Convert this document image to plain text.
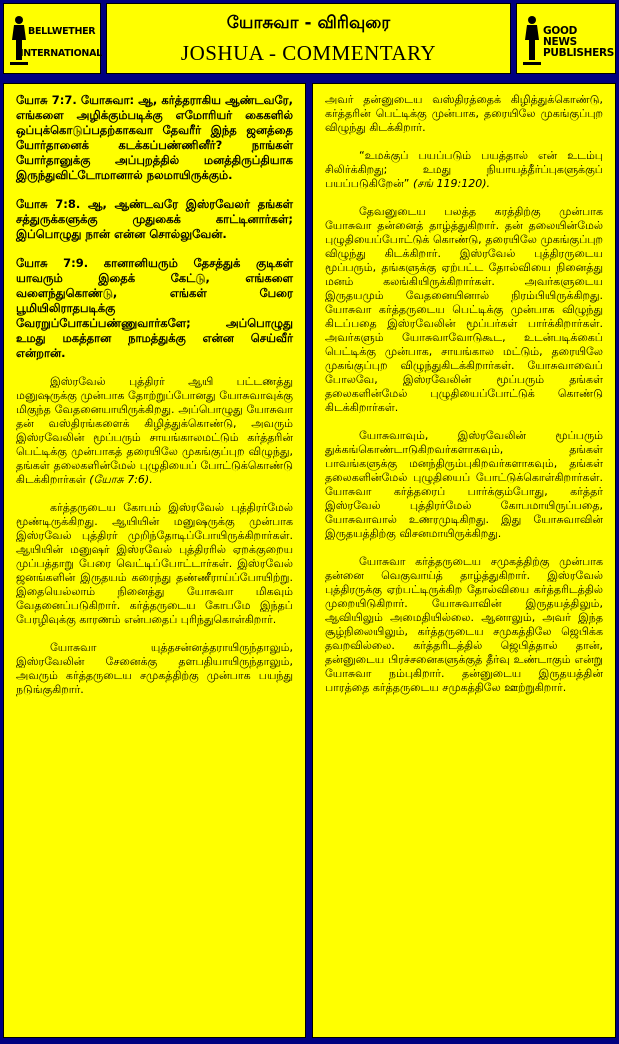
BELLWETHER
INTERNATIONAL
யோசுவா - விரிவுரை
JOSHUA - COMMENTARY
GOOD NEWS
PUBLISHERS

யோசு 7:7. யோசுவா: ஆ, கர்த்தராகிய ஆண்டவரே, எங்களை அழிக்கும்படிக்கு எமோரியர் கைகளில் ஒப்புக்கொடுப்பதற்காகவா தேவரீர் இந்த ஜனத்தை யோர்தானைக் கடக்கப்பண்ணினீர்? நாங்கள் யோர்தானுக்கு அப்புறத்தில் மனத்திருப்தியாக இருந்துவிட்டோமானால் நலமாயிருக்கும்.

யோசு 7:8. ஆ, ஆண்டவரே இஸ்ரவேலர் தங்கள் சத்துருக்களுக்கு முதுகைக் காட்டினார்கள்; இப்பொழுது நான் என்ன சொல்லுவேன்.

யோசு 7:9. கானானியரும் தேசத்துக் குடிகள் யாவரும் இதைக் கேட்டு, எங்களை வளைந்துகொண்டு, எங்கள் பேரை பூமியிலிராதபடிக்கு வேரறுப்போகப்பண்ணுவார்களே; அப்பொழுது உமது மகத்தான நாமத்துக்கு என்ன செய்வீர் என்றான்.

இஸ்ரவேல் புத்திரர் ஆயி பட்டணத்து மனுஷருக்கு முன்பாக தோற்றுப்போனது யோசுவாவுக்கு மிகுந்த வேதனையாயிருக்கிறது. அப்பொழுது யோசுவா தன் வஸ்திரங்களைக் கிழித்துக்கொண்டு, அவரும் இஸ்ரவேலின் மூப்பரும் சாயங்காலமட்டும் கர்த்தரின் பெட்டிக்கு முன்பாகத் தரையிலே முகங்குப்புற விழுந்து, தங்கள் தலைகளின்மேல் புழுதியைப் போட்டுக்கொண்டு கிடக்கிறார்கள் (யோசு 7:6).

கர்த்தருடைய கோபம் இஸ்ரவேல் புத்திரர்மேல் மூண்டிருக்கிறது. ஆயியின் மனுஷருக்கு முன்பாக இஸ்ரவேல் புத்திரர் முறிந்தோடிப்போயிருக்கிறார்கள். ஆயியின் மனுஷர் இஸ்ரவேல் புத்திரரில் ஏறக்குறைய முப்பத்தாறு பேரை வெட்டிப்போட்டார்கள். இஸ்ரவேல் ஜனங்களின் இருதயம் கரைந்து தண்ணீராய்ப்போயிற்று. இதையெல்லாம் நினைத்து யோசுவா மிகவும் வேதனைப்படுகிறார். கர்த்தருடைய கோபமே இந்தப் பேரழிவுக்கு காரணம் என்பதைப் புரிந்துகொள்கிறார்.

யோசுவா யுத்தசன்னத்தராயிருந்தாலும், இஸ்ரவேலின் சேனைக்கு தளபதியாயிருந்தாலும், அவரும் கர்த்தருடைய சமுகத்திற்கு முன்பாக பயந்து நடுங்குகிறார்.

அவர் தன்னுடைய வஸ்திரத்தைக் கிழித்துக்கொண்டு, கர்த்தரின் பெட்டிக்கு முன்பாக, தரையிலே முகங்குப்புற விழுந்து கிடக்கிறார்.

“உமக்குப் பயப்படும் பயத்தால் என் உடம்பு சிலிர்க்கிறது; உமது நியாயத்தீர்ப்புகளுக்குப் பயப்படுகிறேன்” (சங் 119:120).

தேவனுடைய பலத்த கரத்திற்கு முன்பாக யோசுவா தன்னைத் தாழ்த்துகிறார். தன் தலையின்மேல் புழுதியைப்போட்டுக் கொண்டு, தரையிலே முகங்குப்புற விழுந்து கிடக்கிறார். இஸ்ரவேல் புத்திரருடைய மூப்பரும், தங்களுக்கு ஏற்பட்ட தோல்வியை நினைத்து மனம் கலங்கியிருக்கிறார்கள். அவர்களுடைய இருதயமும் வேதனையினால் நிரம்பியிருக்கிறது. யோசுவா கர்த்தருடைய பெட்டிக்கு முன்பாக விழுந்து கிடப்பதை இஸ்ரவேலின் மூப்பர்கள் பார்க்கிறார்கள். அவர்களும் யோசுவாவோடுகூட, உடன்படிக்கைப் பெட்டிக்கு முன்பாக, சாயங்கால மட்டும், தரையிலே முகங்குப்புற விழுந்துகிடக்கிறார்கள். யோசுவாவைப் போலவே, இஸ்ரவேலின் மூப்பரும் தங்கள் தலைகளின்மேல் புழுதியைப்போட்டுக் கொண்டு கிடக்கிறார்கள்.

யோசுவாவும், இஸ்ரவேலின் மூப்பரும் துக்கங்கொண்டாடுகிறவர்களாகவும், தங்கள் பாவங்களுக்கு மனந்திரும்புகிறவர்களாகவும், தங்கள் தலைகளின்மேல் புழுதியைப் போட்டுக்கொள்கிறார்கள். யோசுவா கர்த்தரைப் பார்க்கும்போது, கர்த்தர் இஸ்ரவேல் புத்திரர்மேல் கோபமாயிருப்பதை, யோசுவாவால் உணரமுடிகிறது. இது யோசுவாவின் இருதயத்திற்கு விசனமாயிருக்கிறது.

யோசுவா கர்த்தருடைய சமுகத்திற்கு முன்பாக தன்னை வெகுவாய்த் தாழ்த்துகிறார். இஸ்ரவேல் புத்திரருக்கு ஏற்பட்டிருக்கிற தோல்வியை கர்த்தரிடத்தில் முறையிடுகிறார். யோசுவாவின் இருதயத்திலும், ஆவியிலும் அமைதியில்லை. ஆனாலும், அவர் இந்த சூழ்நிலையிலும், கர்த்தருடைய சமுகத்திலே ஜெபிக்க தவறவில்லை. கர்த்தரிடத்தில் ஜெபித்தால் தான், தன்னுடைய பிரச்சனைகளுக்குத் தீர்வு உண்டாகும் என்று யோசுவா நம்புகிறார். தன்னுடைய இருதயத்தின் பாரத்தை கர்த்தருடைய சமுகத்திலே ஊற்றுகிறார்.
